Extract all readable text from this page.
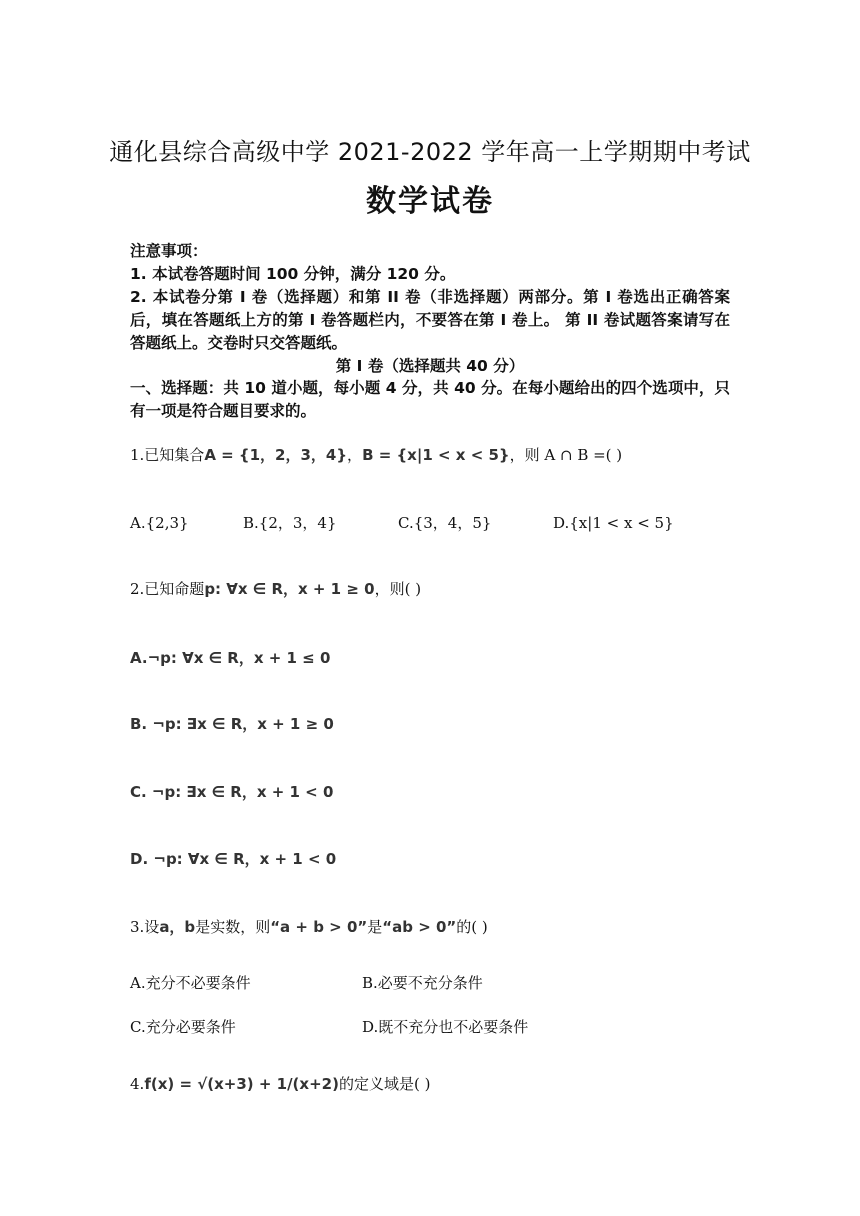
通化县综合高级中学 2021-2022 学年高一上学期期中考试
数学试卷
注意事项：
1. 本试卷答题时间 100 分钟，满分 120 分。
2. 本试卷分第 I 卷（选择题）和第 II 卷（非选择题）两部分。第 I 卷选出正确答案后，填在答题纸上方的第 I 卷答题栏内，不要答在第 I 卷上。 第 II 卷试题答案请写在答题纸上。交卷时只交答题纸。
第 I 卷（选择题共 40 分）
一、选择题：共 10 道小题，每小题 4 分，共 40 分。在每小题给出的四个选项中，只有一项是符合题目要求的。
1.已知集合A = {1，2，3，4}，B = {x|1 < x < 5}，则 A ∩ B =( )
A.{2,3}	B.{2，3，4}	C.{3，4，5}	D.{x|1 < x < 5}
2.已知命题p: ∀x ∈ R，x + 1 ≥ 0，则( )
A.¬p: ∀x ∈ R，x + 1 ≤ 0
B. ¬p: ∃x ∈ R，x + 1 ≥ 0
C. ¬p: ∃x ∈ R，x + 1 < 0
D. ¬p: ∀x ∈ R，x + 1 < 0
3.设a，b是实数，则“a + b > 0”是“ab > 0”的( )
A.充分不必要条件	B.必要不充分条件
C.充分必要条件	D.既不充分也不必要条件
4.f(x) = √(x+3) + 1/(x+2)的定义域是( )
